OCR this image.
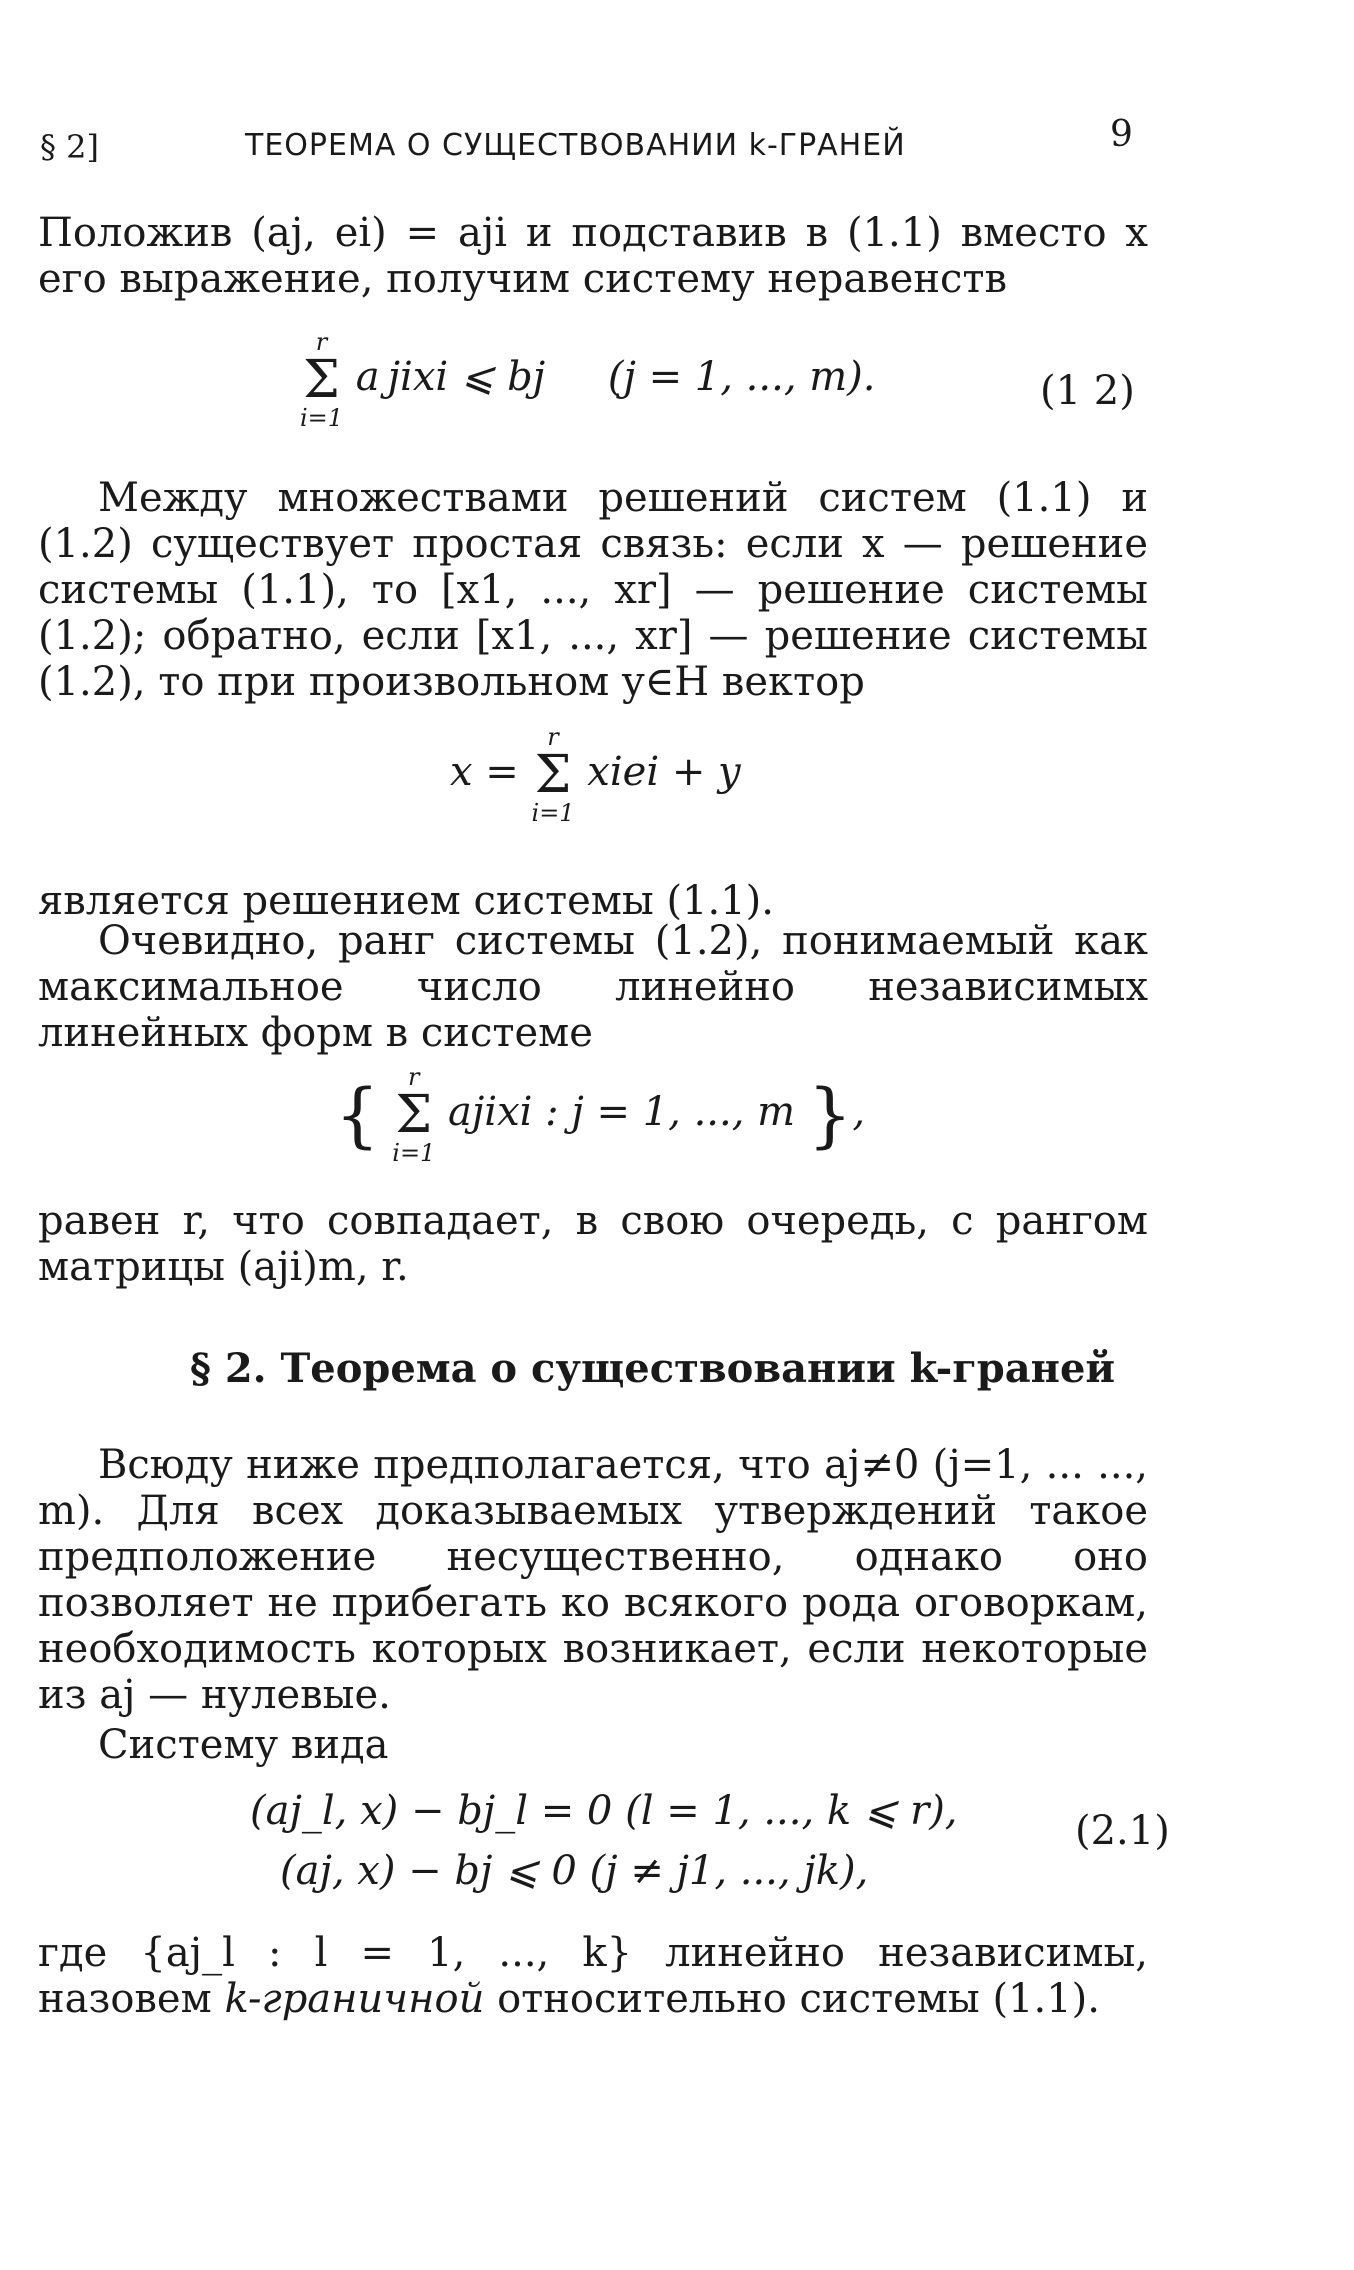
§ 2]	ТЕОРЕМА О СУЩЕСТВОВАНИИ k-ГРАНЕЙ	9

Положив (aj, ei) = aji и подставив в (1.1) вместо x его выражение, получим систему неравенств

r
Σ
i=1
a jixi ⩽ bj (j = 1, ..., m).	(1 2)

Между множествами решений систем (1.1) и (1.2) существует простая связь: если x — решение системы (1.1), то [x1, ..., xr] — решение системы (1.2); обратно, если [x1, ..., xr] — решение системы (1.2), то при произвольном y∈H вектор

x =
r
Σ
i=1
xiei + y

является решением системы (1.1).

Очевидно, ранг системы (1.2), понимаемый как максимальное число линейно независимых линейных форм в системе

{	r
Σ
i=1
ajixi : j = 1, ..., m },

равен r, что совпадает, в свою очередь, с рангом матрицы (aji)m, r.

§ 2. Теорема о существовании k-граней

Всюду ниже предполагается, что aj≠0 (j=1, ... ..., m). Для всех доказываемых утверждений такое предположение несущественно, однако оно позволяет не прибегать ко всякого рода оговоркам, необходимость которых возникает, если некоторые из aj — нулевые.

Систему вида

(aj_l, x) − bj_l = 0 (l = 1, ..., k ⩽ r),
(aj, x) − bj ⩽ 0 (j ≠ j1, ..., jk),
(2.1)

где {aj_l : l = 1, ..., k} линейно независимы, назовем k-граничной относительно системы (1.1).
